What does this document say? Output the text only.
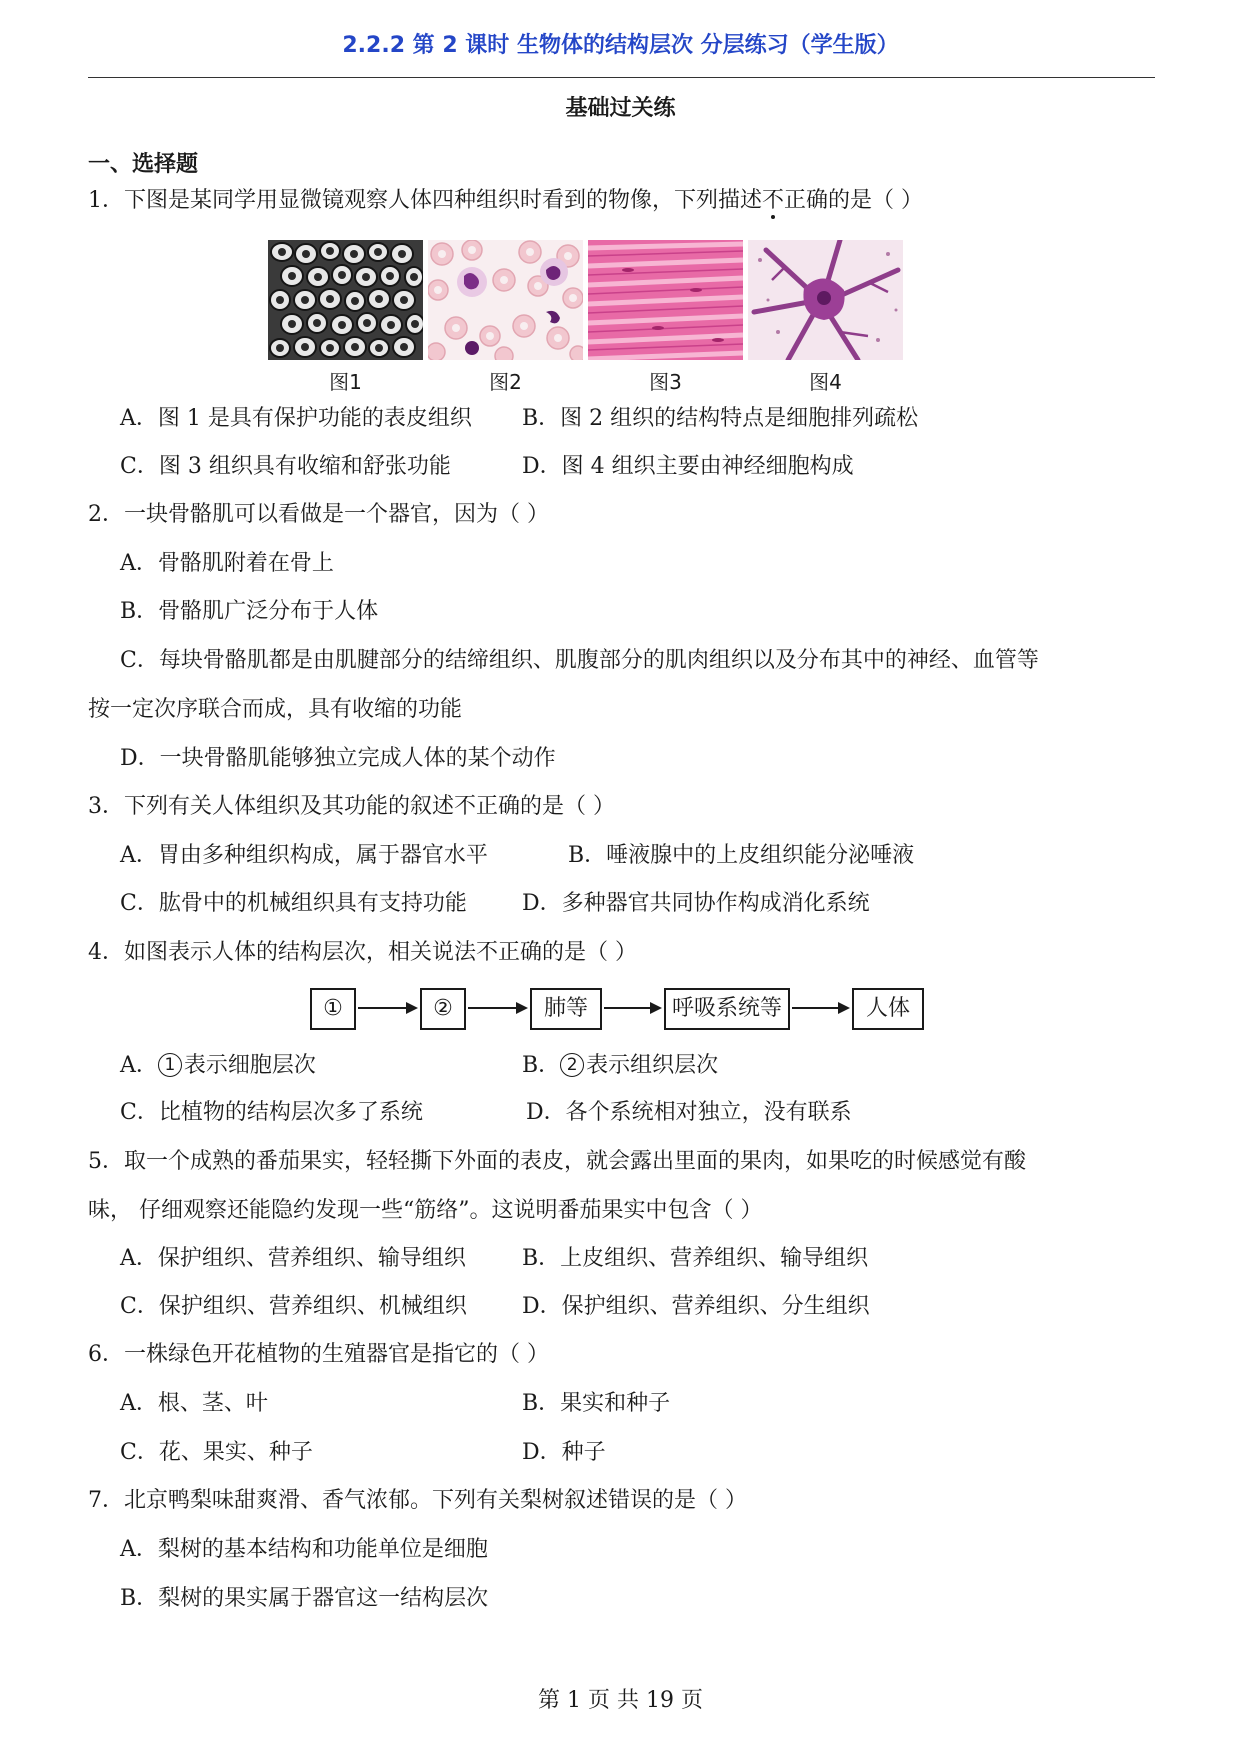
2.2.2 第 2 课时 生物体的结构层次 分层练习（学生版）
基础过关练
一、选择题
1．下图是某同学用显微镜观察人体四种组织时看到的物像，下列描述不正确的是（ ）
图1	图2	图3	图4
A．图 1 是具有保护功能的表皮组织 B．图 2 组织的结构特点是细胞排列疏松
C．图 3 组织具有收缩和舒张功能	D．图 4 组织主要由神经细胞构成
2．一块骨骼肌可以看做是一个器官，因为（ ）
A．骨骼肌附着在骨上
B．骨骼肌广泛分布于人体
C．每块骨骼肌都是由肌腱部分的结缔组织、肌腹部分的肌肉组织以及分布其中的神经、血管等
按一定次序联合而成，具有收缩的功能
D．一块骨骼肌能够独立完成人体的某个动作
3．下列有关人体组织及其功能的叙述不正确的是（ ）
A．胃由多种组织构成，属于器官水平	B．唾液腺中的上皮组织能分泌唾液
C．肱骨中的机械组织具有支持功能	D．多种器官共同协作构成消化系统
4．如图表示人体的结构层次，相关说法不正确的是（ ）
①	②	肺等	呼吸系统等	人体
A． 1 表示细胞层次	B． 2 表示组织层次
C．比植物的结构层次多了系统	D．各个系统相对独立，没有联系
5．取一个成熟的番茄果实，轻轻撕下外面的表皮，就会露出里面的果肉，如果吃的时候感觉有酸
味， 仔细观察还能隐约发现一些“筋络”。这说明番茄果实中包含（ ）
A．保护组织、营养组织、输导组织	B．上皮组织、营养组织、输导组织
C．保护组织、营养组织、机械组织	D．保护组织、营养组织、分生组织
6．一株绿色开花植物的生殖器官是指它的（ ）
A．根、茎、叶	B．果实和种子
C．花、果实、种子	D．种子
7．北京鸭梨味甜爽滑、香气浓郁。下列有关梨树叙述错误的是（ ）
A．梨树的基本结构和功能单位是细胞
B．梨树的果实属于器官这一结构层次
第 1 页 共 19 页
